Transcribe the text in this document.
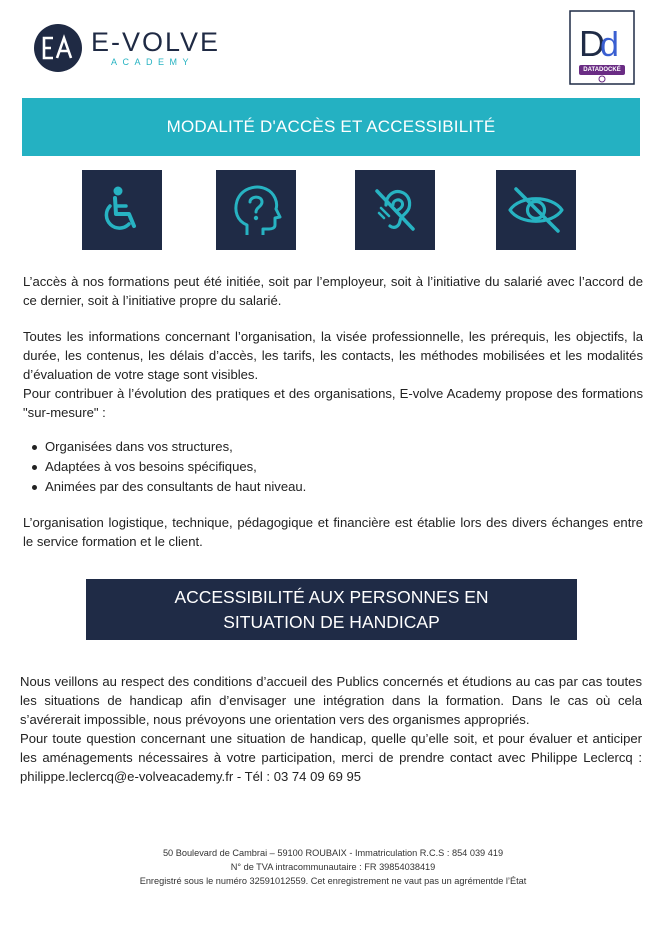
E-VOLVE
ACADEMY	D
d
DATADOCKÉ
MODALITÉ D'ACCÈS ET ACCESSIBILITÉ
L’accès à nos formations peut été initiée, soit par l’employeur, soit à l’initiative du salarié avec l’accord de ce dernier, soit à l’initiative propre du salarié.
Toutes les informations concernant l’organisation, la visée professionnelle, les prérequis, les objectifs, la durée, les contenus, les délais d’accès, les tarifs, les contacts, les méthodes mobilisées et les modalités d’évaluation de votre stage sont visibles.
Pour contribuer à l’évolution des pratiques et des organisations, E-volve Academy propose des formations "sur-mesure" :
Organisées dans vos structures,
Adaptées à vos besoins spécifiques,
Animées par des consultants de haut niveau.
L’organisation logistique, technique, pédagogique et financière est établie lors des divers échanges entre le service formation et le client.
ACCESSIBILITÉ AUX PERSONNES EN
SITUATION DE HANDICAP
Nous veillons au respect des conditions d’accueil des Publics concernés et étudions au cas par cas toutes les situations de handicap afin d’envisager une intégration dans la formation. Dans le cas où cela s’avérerait impossible, nous prévoyons une orientation vers des organismes appropriés.
Pour toute question concernant une situation de handicap, quelle qu’elle soit, et pour évaluer et anticiper les aménagements nécessaires à votre participation, merci de prendre contact avec Philippe Leclercq : philippe.leclercq@e-volveacademy.fr - Tél : 03 74 09 69 95
50 Boulevard de Cambrai – 59100 ROUBAIX - Immatriculation R.C.S : 854 039 419
N° de TVA intracommunautaire : FR 39854038419
Enregistré sous le numéro 32591012559. Cet enregistrement ne vaut pas un agrémentde l’État
